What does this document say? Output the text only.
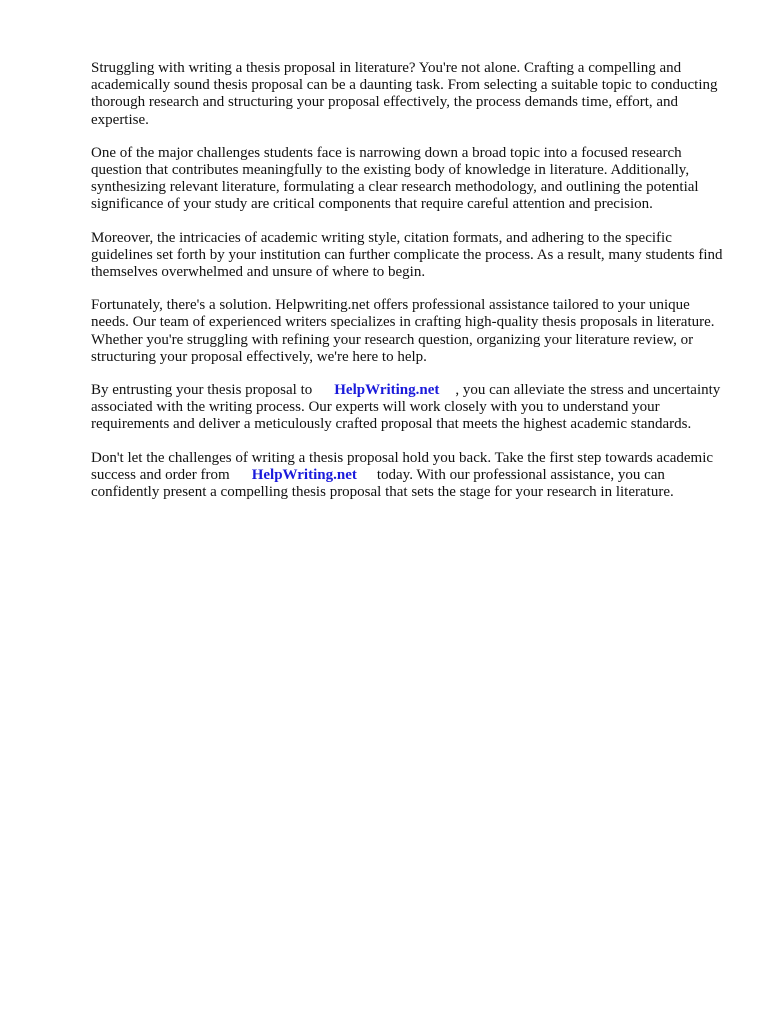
Struggling with writing a thesis proposal in literature? You're not alone. Crafting a compelling and academically sound thesis proposal can be a daunting task. From selecting a suitable topic to conducting thorough research and structuring your proposal effectively, the process demands time, effort, and expertise.

One of the major challenges students face is narrowing down a broad topic into a focused research question that contributes meaningfully to the existing body of knowledge in literature. Additionally, synthesizing relevant literature, formulating a clear research methodology, and outlining the potential significance of your study are critical components that require careful attention and precision.

Moreover, the intricacies of academic writing style, citation formats, and adhering to the specific guidelines set forth by your institution can further complicate the process. As a result, many students find themselves overwhelmed and unsure of where to begin.

Fortunately, there's a solution. Helpwriting.net offers professional assistance tailored to your unique needs. Our team of experienced writers specializes in crafting high-quality thesis proposals in literature. Whether you're struggling with refining your research question, organizing your literature review, or structuring your proposal effectively, we're here to help.

By entrusting your thesis proposal to HelpWriting.net , you can alleviate the stress and uncertainty associated with the writing process. Our experts will work closely with you to understand your requirements and deliver a meticulously crafted proposal that meets the highest academic standards.

Don't let the challenges of writing a thesis proposal hold you back. Take the first step towards academic success and order from HelpWriting.net today. With our professional assistance, you can confidently present a compelling thesis proposal that sets the stage for your research in literature.
